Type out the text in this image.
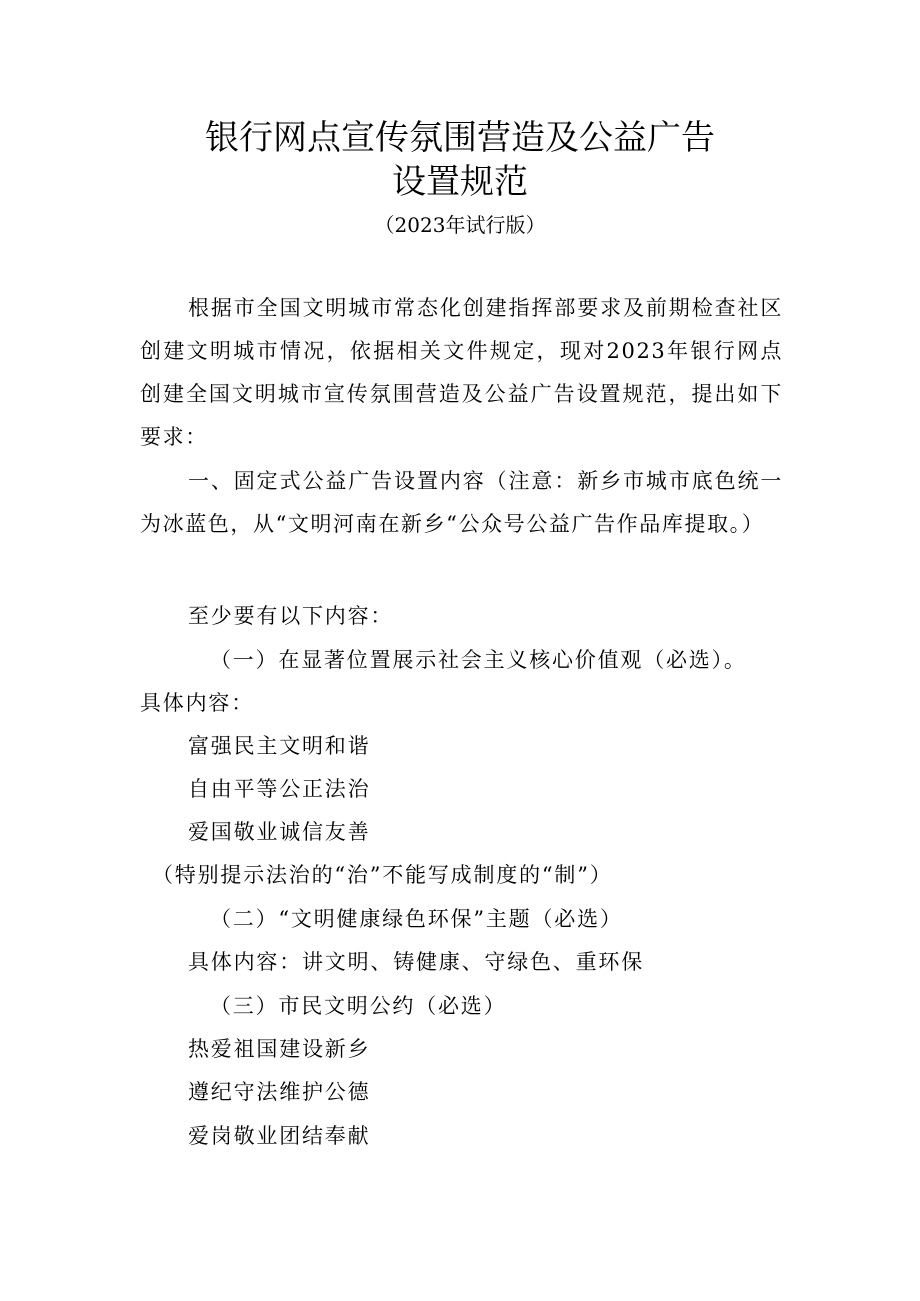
银行网点宣传氛围营造及公益广告
设置规范
（2023年试行版）

根据市全国文明城市常态化创建指挥部要求及前期检查社区创建文明城市情况，依据相关文件规定，现对2023年银行网点创建全国文明城市宣传氛围营造及公益广告设置规范，提出如下要求：

一、固定式公益广告设置内容（注意：新乡市城市底色统一为冰蓝色，从“文明河南在新乡“公众号公益广告作品库提取。）

至少要有以下内容：
（一）在显著位置展示社会主义核心价值观（必选）。
具体内容：
富强民主文明和谐
自由平等公正法治
爱国敬业诚信友善
（特别提示法治的“治”不能写成制度的“制”）
（二）“文明健康绿色环保”主题（必选）
具体内容：讲文明、铸健康、守绿色、重环保
（三）市民文明公约（必选）
热爱祖国建设新乡
遵纪守法维护公德
爱岗敬业团结奉献
